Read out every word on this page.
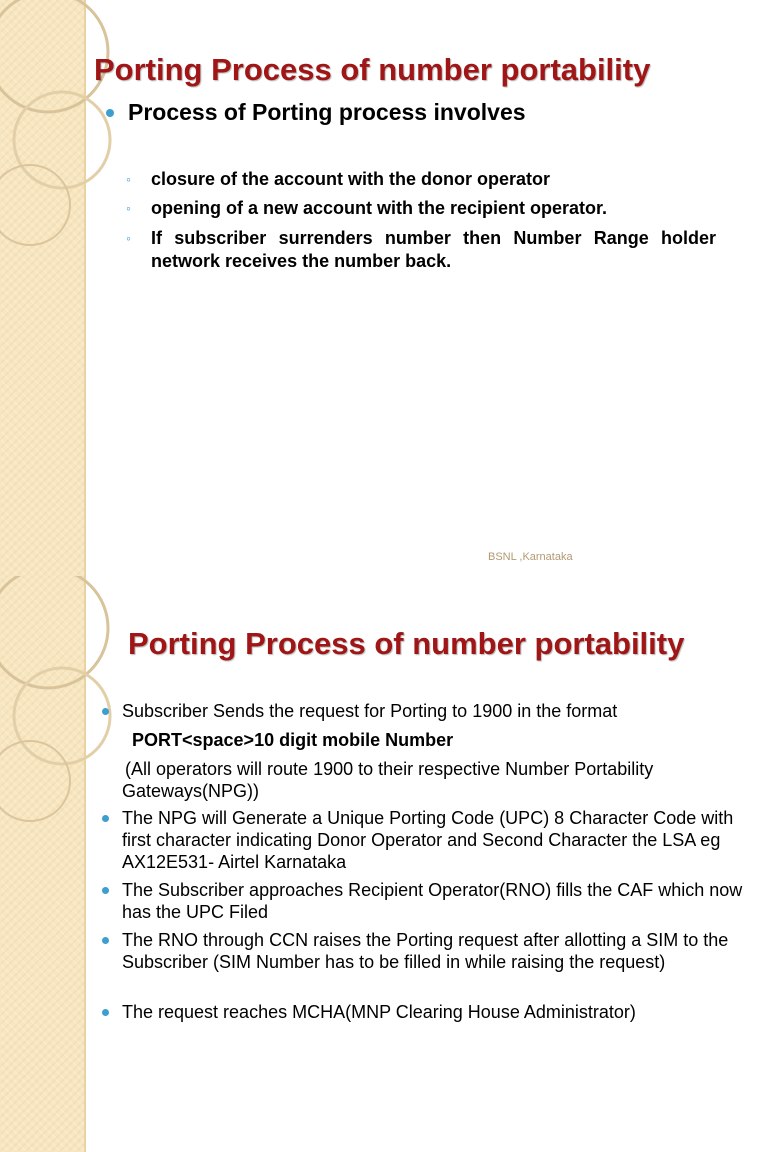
Porting Process of number portability
Process of Porting process involves
◦	closure of the account with the donor operator
◦	opening of a new account with the recipient operator.
◦	If subscriber surrenders number then Number Range holder network receives the number back.
BSNL ,Karnataka
Porting Process of number portability
Subscriber Sends the request for Porting to 1900 in the format
PORT<space>10 digit mobile Number
(All operators will route 1900 to their respective Number Portability Gateways(NPG))
The NPG will Generate a Unique Porting Code (UPC) 8 Character Code with first character indicating Donor Operator and Second Character the LSA eg AX12E531- Airtel Karnataka
The Subscriber approaches Recipient Operator(RNO) fills the CAF which now has the UPC Filed
The RNO through CCN raises the Porting request after allotting a SIM to the Subscriber (SIM Number has to be filled in while raising the request)
The request reaches MCHA(MNP Clearing House Administrator)
